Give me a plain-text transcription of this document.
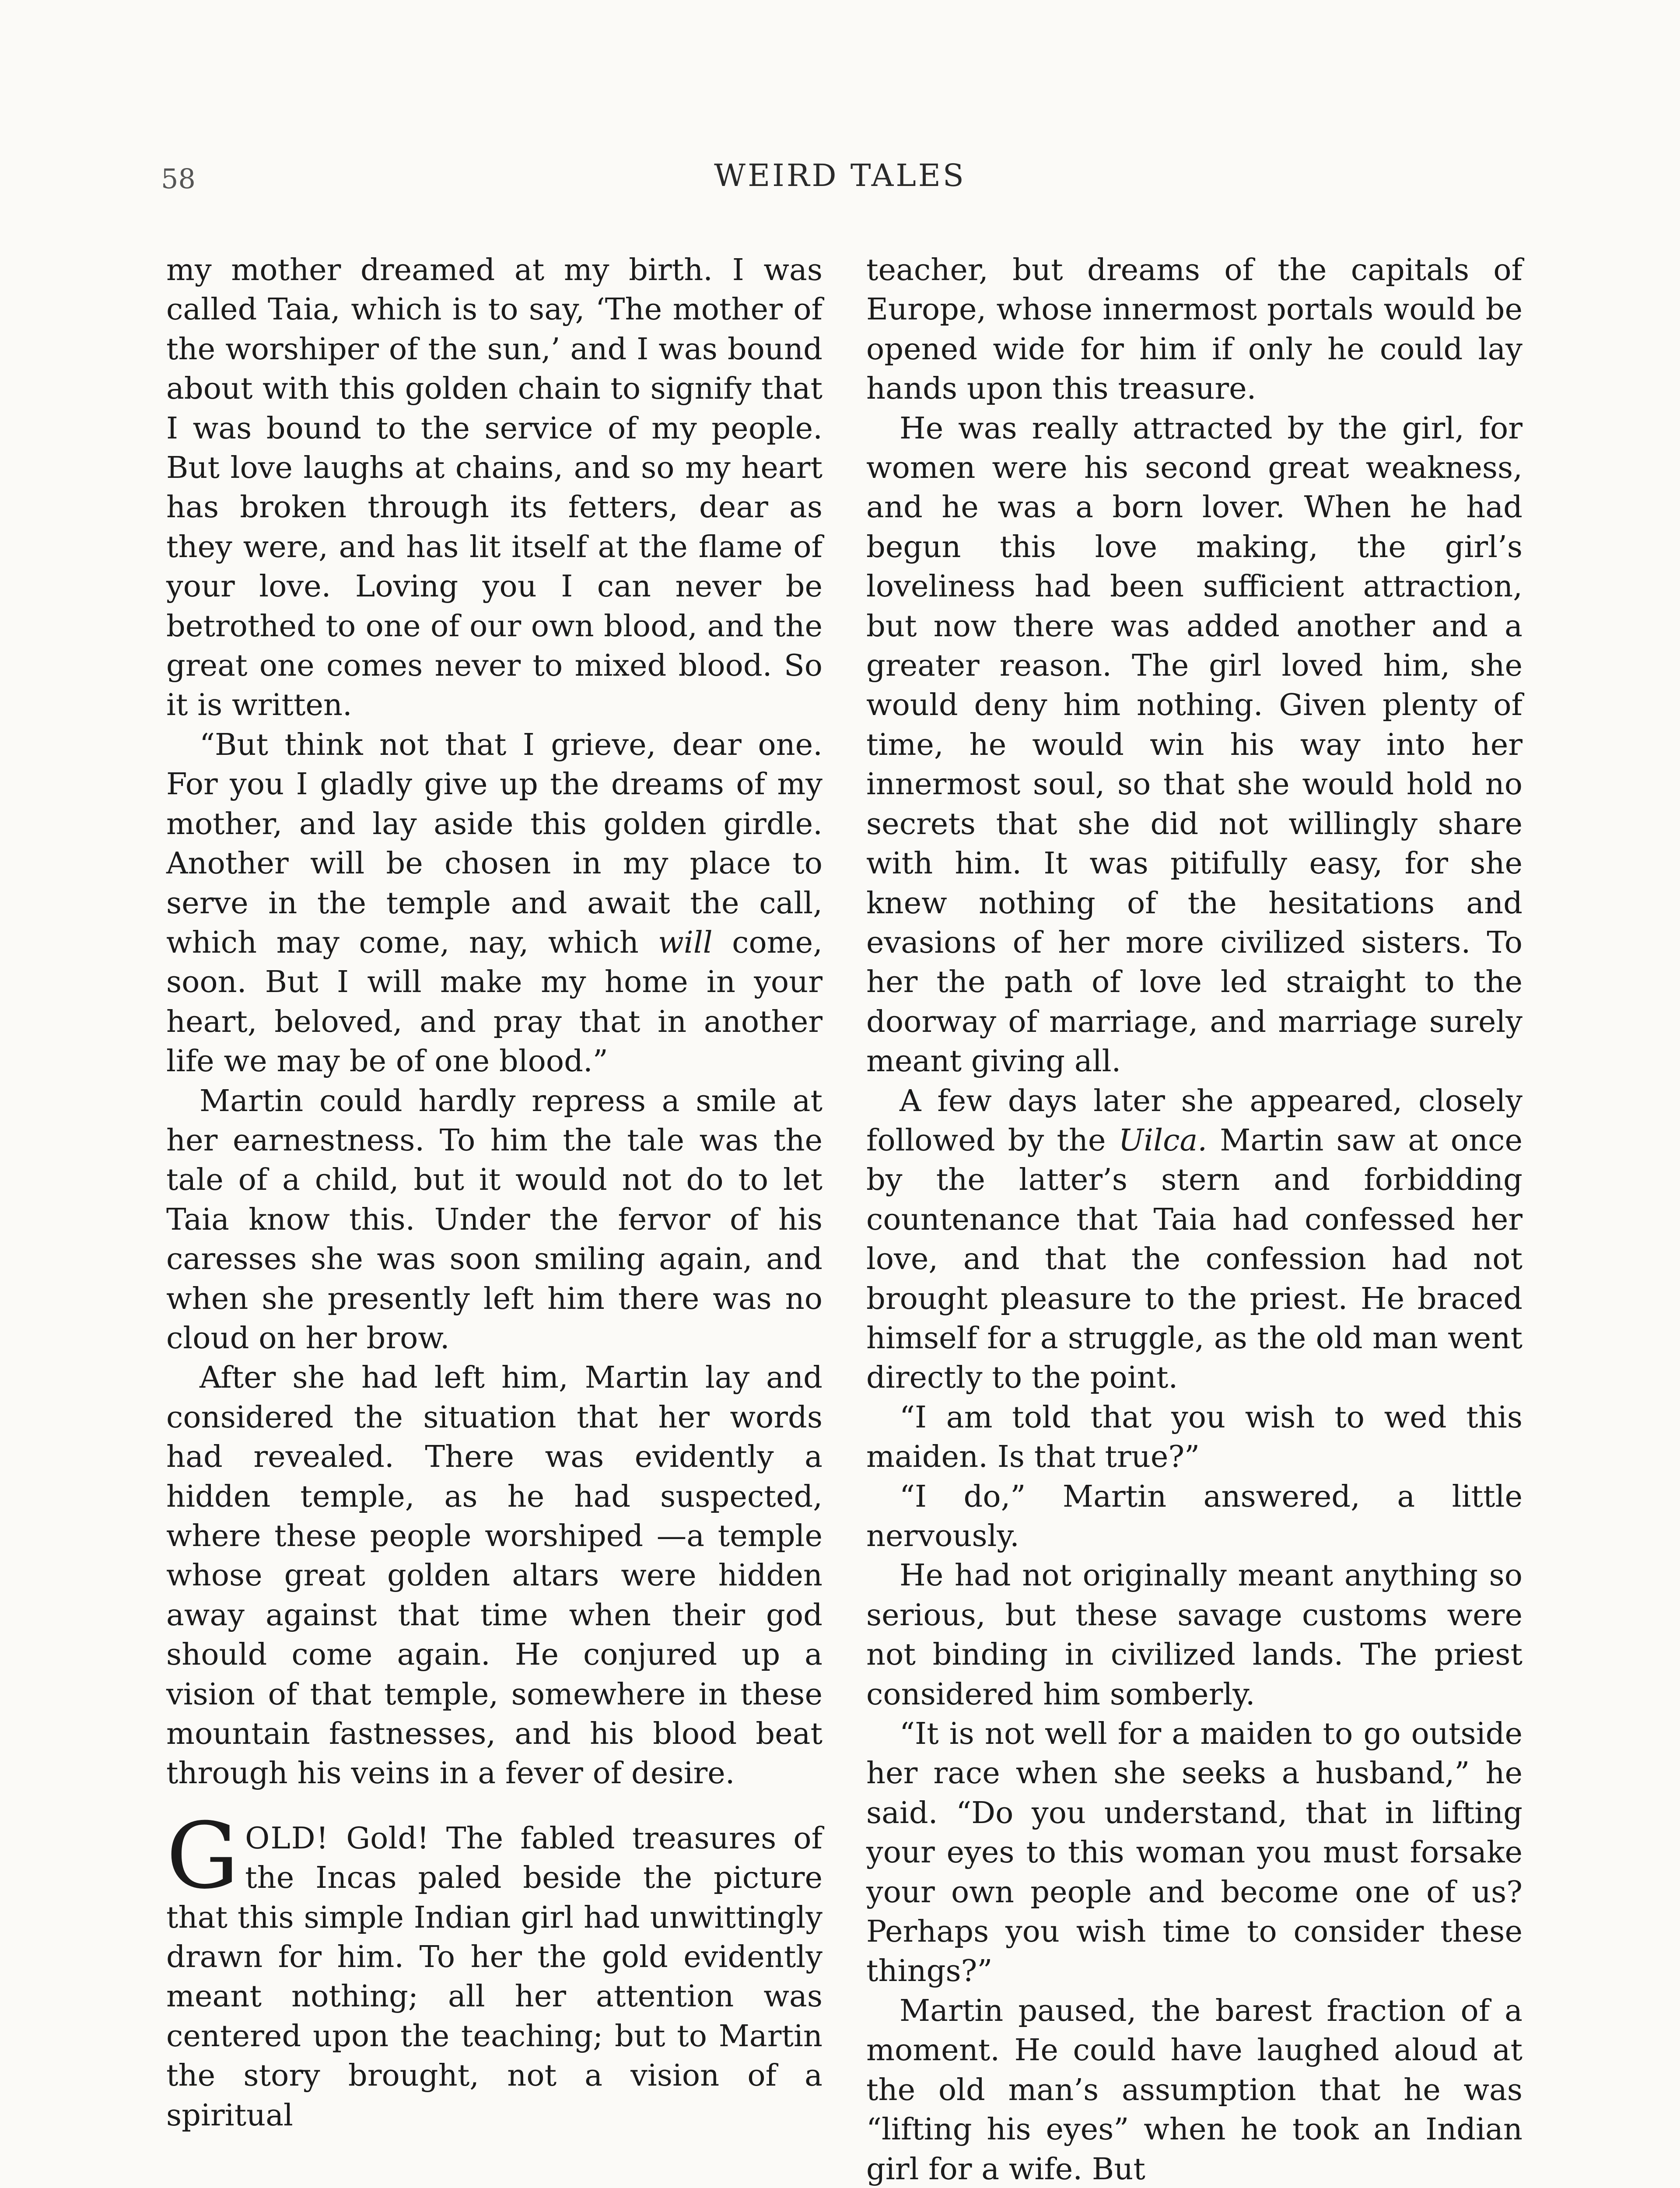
58	WEIRD TALES

my mother dreamed at my birth. I was called Taia, which is to say, ‘The mother of the worshiper of the sun,’ and I was bound about with this golden chain to signify that I was bound to the service of my people. But love laughs at chains, and so my heart has broken through its fetters, dear as they were, and has lit itself at the flame of your love. Loving you I can never be betrothed to one of our own blood, and the great one comes never to mixed blood. So it is written.

“But think not that I grieve, dear one. For you I gladly give up the dreams of my mother, and lay aside this golden girdle. Another will be chosen in my place to serve in the temple and await the call, which may come, nay, which will come, soon. But I will make my home in your heart, beloved, and pray that in another life we may be of one blood.”

Martin could hardly repress a smile at her earnestness. To him the tale was the tale of a child, but it would not do to let Taia know this. Under the fervor of his caresses she was soon smiling again, and when she presently left him there was no cloud on her brow.

After she had left him, Martin lay and considered the situation that her words had revealed. There was evidently a hidden temple, as he had suspected, where these people worshiped —a temple whose great golden altars were hidden away against that time when their god should come again. He conjured up a vision of that temple, somewhere in these mountain fastnesses, and his blood beat through his veins in a fever of desire.

GOLD! Gold! The fabled treasures of the Incas paled beside the picture that this simple Indian girl had unwittingly drawn for him. To her the gold evidently meant nothing; all her attention was centered upon the teaching; but to Martin the story brought, not a vision of a spiritual

teacher, but dreams of the capitals of Europe, whose innermost portals would be opened wide for him if only he could lay hands upon this treasure.

He was really attracted by the girl, for women were his second great weakness, and he was a born lover. When he had begun this love making, the girl’s loveliness had been sufficient attraction, but now there was added another and a greater reason. The girl loved him, she would deny him nothing. Given plenty of time, he would win his way into her innermost soul, so that she would hold no secrets that she did not willingly share with him. It was pitifully easy, for she knew nothing of the hesitations and evasions of her more civilized sisters. To her the path of love led straight to the doorway of marriage, and marriage surely meant giving all.

A few days later she appeared, closely followed by the Uilca. Martin saw at once by the latter’s stern and forbidding countenance that Taia had confessed her love, and that the confession had not brought pleasure to the priest. He braced himself for a struggle, as the old man went directly to the point.

“I am told that you wish to wed this maiden. Is that true?”

“I do,” Martin answered, a little nervously.

He had not originally meant anything so serious, but these savage customs were not binding in civilized lands. The priest considered him somberly.

“It is not well for a maiden to go outside her race when she seeks a husband,” he said. “Do you understand, that in lifting your eyes to this woman you must forsake your own people and become one of us? Perhaps you wish time to consider these things?”

Martin paused, the barest fraction of a moment. He could have laughed aloud at the old man’s assumption that he was “lifting his eyes” when he took an Indian girl for a wife. But
